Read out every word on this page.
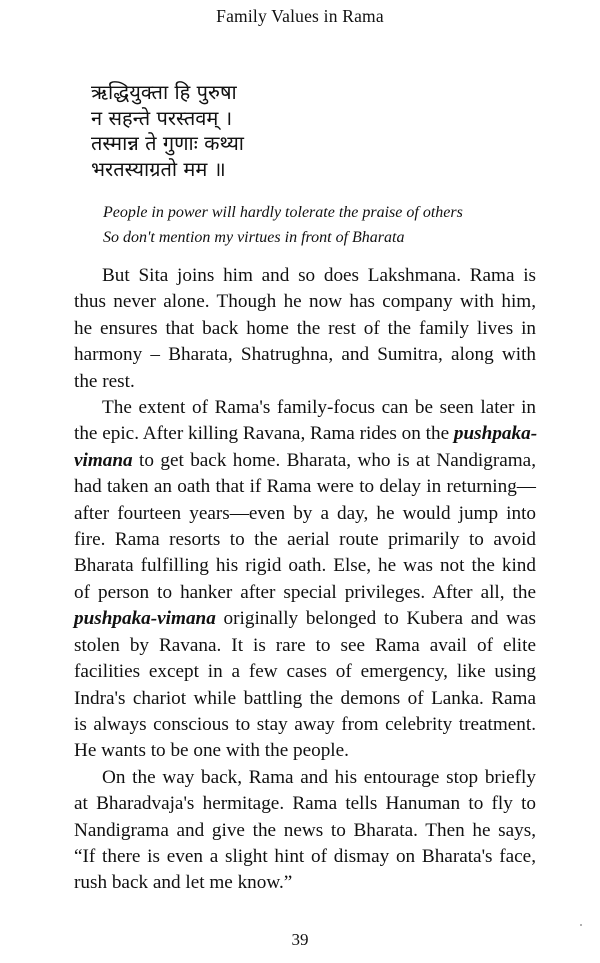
Family Values in Rama
ऋद्धियुक्ता हि पुरुषा
न सहन्ते परस्तवम् ।
तस्मान्न ते गुणाः कथ्या
भरतस्याग्रतो मम ॥
People in power will hardly tolerate the praise of others
So don't mention my virtues in front of Bharata
But Sita joins him and so does Lakshmana. Rama is
thus never alone. Though he now has company with him,
he ensures that back home the rest of the family lives in
harmony – Bharata, Shatrughna, and Sumitra, along with
the rest.
The extent of Rama's family-focus can be seen later in
the epic. After killing Ravana, Rama rides on the pushpaka-
vimana to get back home. Bharata, who is at Nandigrama,
had taken an oath that if Rama were to delay in returning—
after fourteen years—even by a day, he would jump into
fire. Rama resorts to the aerial route primarily to avoid
Bharata fulfilling his rigid oath. Else, he was not the kind
of person to hanker after special privileges. After all, the
pushpaka-vimana originally belonged to Kubera and was
stolen by Ravana. It is rare to see Rama avail of elite
facilities except in a few cases of emergency, like using
Indra's chariot while battling the demons of Lanka. Rama
is always conscious to stay away from celebrity treatment.
He wants to be one with the people.
On the way back, Rama and his entourage stop briefly
at Bharadvaja's hermitage. Rama tells Hanuman to fly to
Nandigrama and give the news to Bharata. Then he says,
“If there is even a slight hint of dismay on Bharata's face,
rush back and let me know.”
39
